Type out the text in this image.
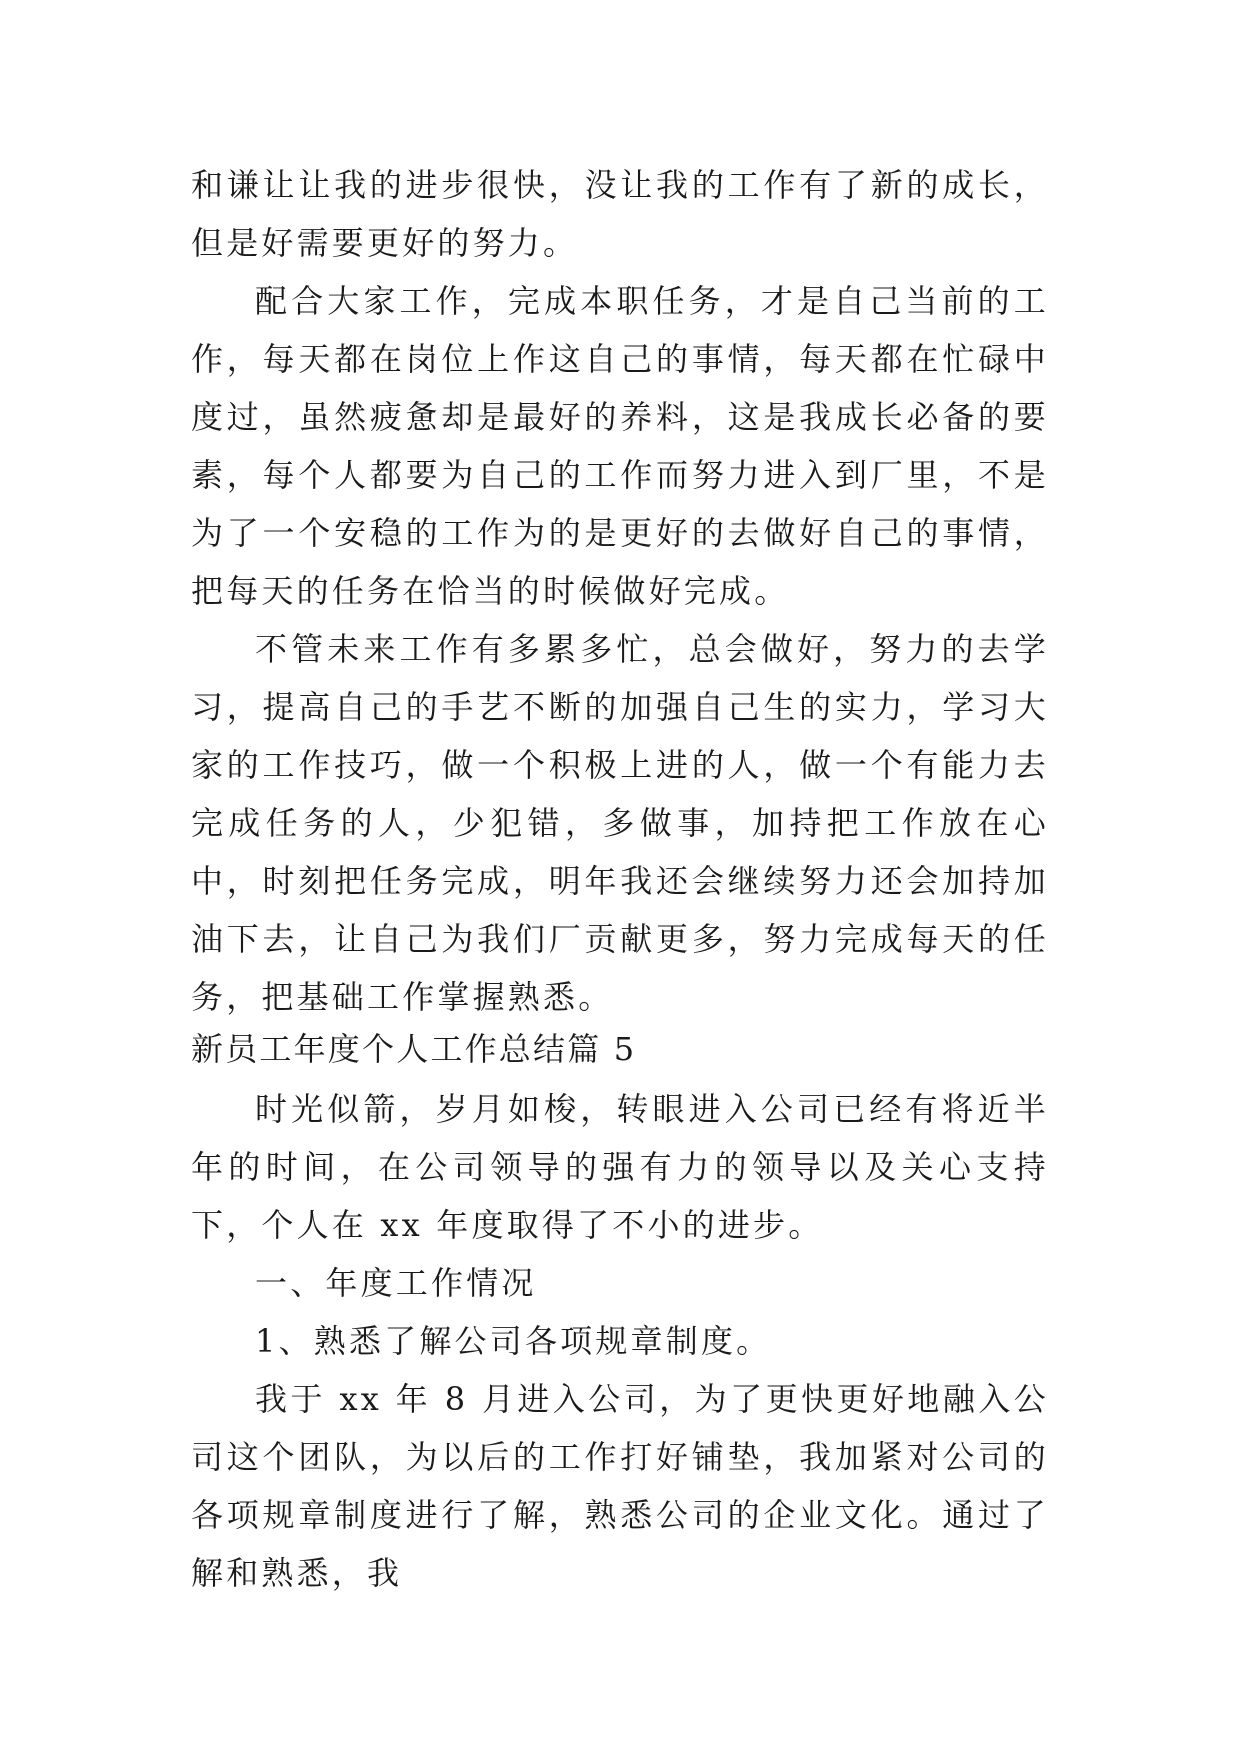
和谦让让我的进步很快，没让我的工作有了新的成长，但是好需要更好的努力。

配合大家工作，完成本职任务，才是自己当前的工作，每天都在岗位上作这自己的事情，每天都在忙碌中度过，虽然疲惫却是最好的养料，这是我成长必备的要素，每个人都要为自己的工作而努力进入到厂里，不是为了一个安稳的工作为的是更好的去做好自己的事情，把每天的任务在恰当的时候做好完成。

不管未来工作有多累多忙，总会做好，努力的去学习，提高自己的手艺不断的加强自己生的实力，学习大家的工作技巧，做一个积极上进的人，做一个有能力去完成任务的人，少犯错，多做事，加持把工作放在心中，时刻把任务完成，明年我还会继续努力还会加持加油下去，让自己为我们厂贡献更多，努力完成每天的任务，把基础工作掌握熟悉。

新员工年度个人工作总结篇 5

时光似箭，岁月如梭，转眼进入公司已经有将近半年的时间，在公司领导的强有力的领导以及关心支持下，个人在 xx 年度取得了不小的进步。

一、年度工作情况

1、熟悉了解公司各项规章制度。

我于 xx 年 8 月进入公司，为了更快更好地融入公司这个团队，为以后的工作打好铺垫，我加紧对公司的各项规章制度进行了解，熟悉公司的企业文化。通过了解和熟悉，我
